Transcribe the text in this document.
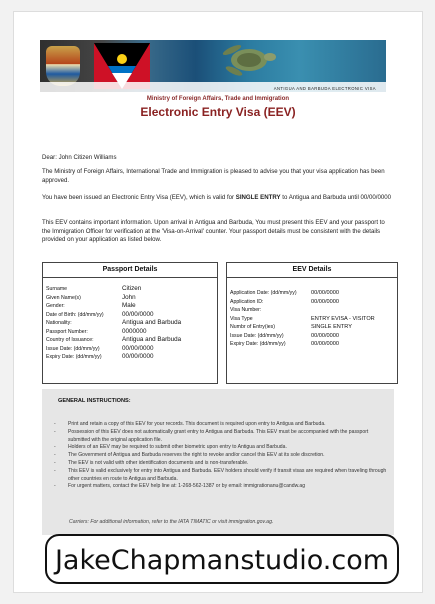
ANTIGUA AND BARBUDA ELECTRONIC VISA
Ministry of Foreign Affairs, Trade and Immigration
Electronic Entry Visa (EEV)
Dear: John Citizen Williams
The Ministry of Foreign Affairs, International Trade and Immigration is pleased to advise you that your visa application has been approved.
You have been issued an Electronic Entry Visa (EEV), which is valid for SINGLE ENTRY to Antigua and Barbuda until 00/00/0000
This EEV contains important information. Upon arrival in Antigua and Barbuda, You must present this EEV and your passport to the Immigration Officer for verification at the 'Visa-on-Arrival' counter. Your passport details must be consistent with the details provided on your application as listed below.
Passport Details
Surname	Citizen
Given Name(s)	John
Gender:	Male
Date of Birth: (dd/mm/yy)	00/00/0000
Nationality:	Antigua and Barbuda
Passport Number:	0000000
Country of Issuance:	Antigua and Barbuda
Issue Date: (dd/mm/yy)	00/00/0000
Expiry Date: (dd/mm/yy)	00/00/0000
EEV Details
Application Date: (dd/mm/yy)	00/00/0000
Application ID:	00/00/0000
Visa Number:
Visa Type	ENTRY EVISA - VISITOR
Numbr of Entry(ies)	SINGLE ENTRY
Issue Date: (dd/mm/yy)	00/00/0000
Expiry Date: (dd/mm/yy)	00/00/0000
GENERAL INSTRUCTIONS:
- Print and retain a copy of this EEV for your records. This document is required upon entry to Antigua and Barbuda.
- Possession of this EEV does not automatically grant entry to Antigua and Barbuda. This EEV must be accompanied with the passport submitted with the original application file.
- Holders of an EEV may be required to submit other biometric upon entry to Antigua and Barbuda.
- The Government of Antigua and Barbuda reserves the right to revoke and/or cancel this EEV at its sole discretion.
- The EEV is not valid with other identification documents and is non-transferable.
- This EEV is valid exclusively for entry into Antigua and Barbuda. EEV holders should verify if transit visas are required when traveling through other countries en route to Antigua and Barbuda.
- For urgent matters, contact the EEV help line at: 1-268-562-1387 or by email: immigrationanu@candw.ag
Carriers: For additional information, refer to the IATA TIMATIC or visit immigration.gov.ag.
JakeChapmanstudio.com
